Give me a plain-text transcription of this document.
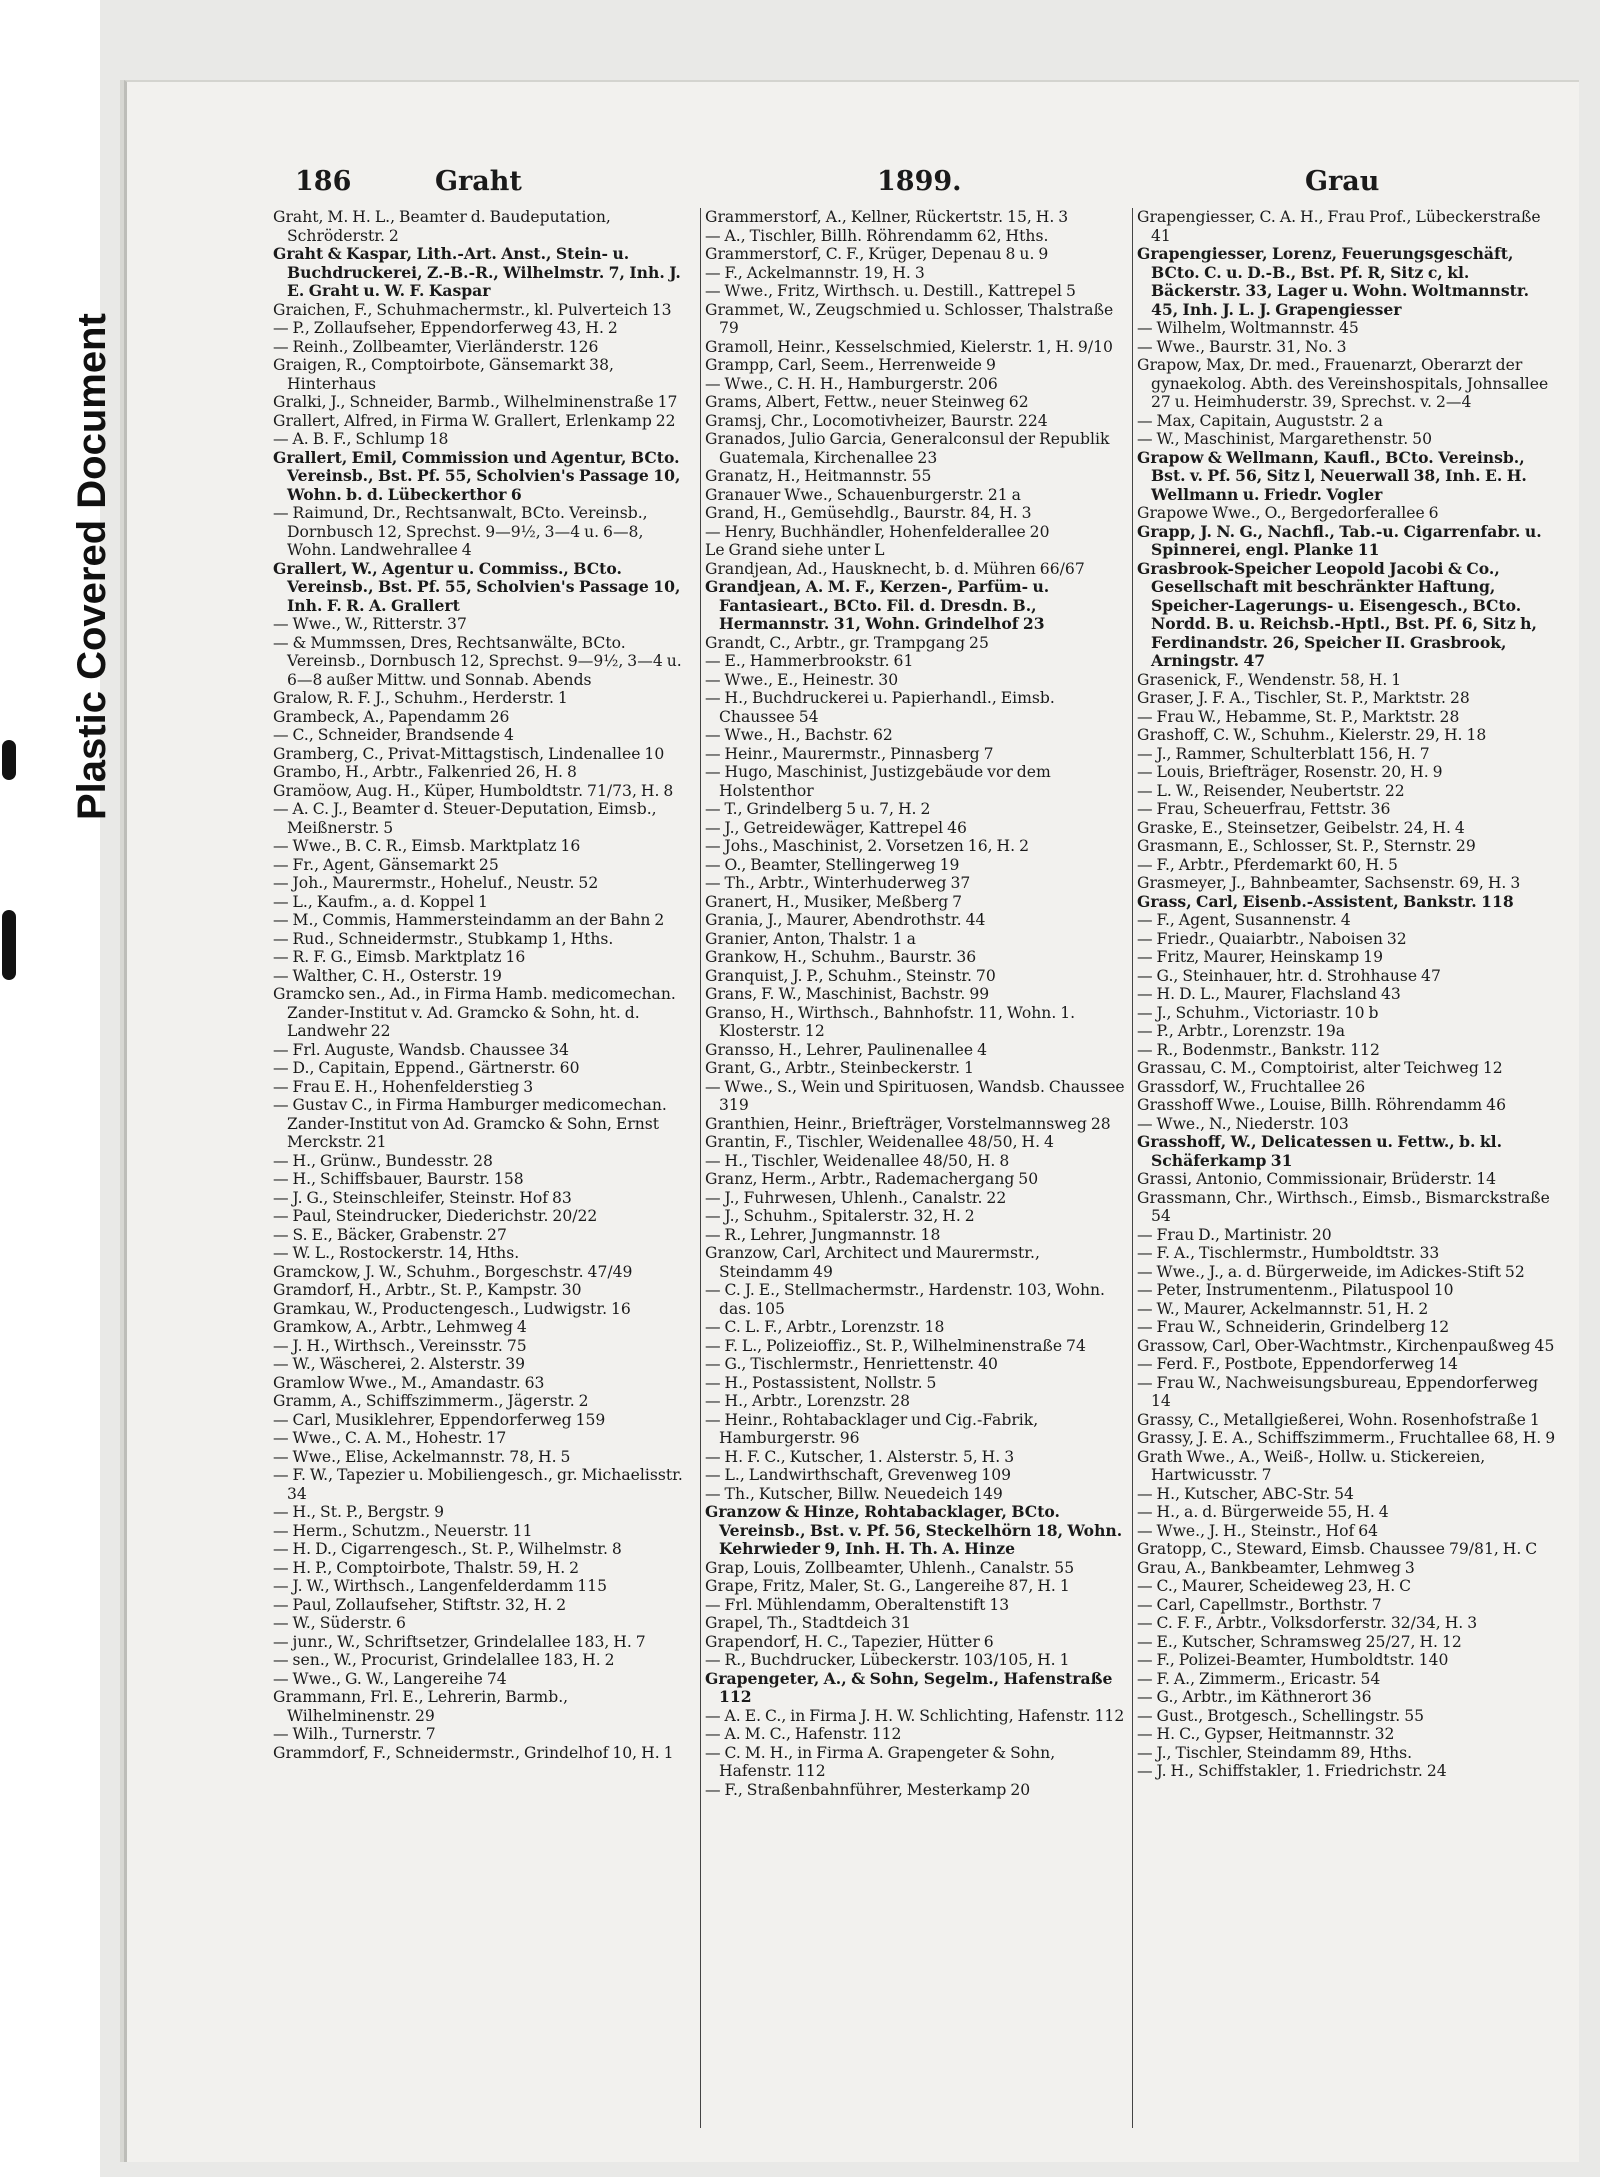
Plastic Covered Document
186	Graht	1899.	Grau

Graht, M. H. L., Beamter d. Baudeputation, Schröderstr. 2

Graht & Kaspar, Lith.-Art. Anst., Stein- u. Buchdruckerei, Z.-B.-R., Wilhelmstr. 7, Inh. J. E. Graht u. W. F. Kaspar

Graichen, F., Schuhmachermstr., kl. Pulverteich 13

— P., Zollaufseher, Eppendorferweg 43, H. 2

— Reinh., Zollbeamter, Vierländerstr. 126

Graigen, R., Comptoirbote, Gänsemarkt 38, Hinterhaus

Gralki, J., Schneider, Barmb., Wilhelminenstraße 17

Grallert, Alfred, in Firma W. Grallert, Erlenkamp 22

— A. B. F., Schlump 18

Grallert, Emil, Commission und Agentur, BCto. Vereinsb., Bst. Pf. 55, Scholvien's Passage 10, Wohn. b. d. Lübeckerthor 6

— Raimund, Dr., Rechtsanwalt, BCto. Vereinsb., Dornbusch 12, Sprechst. 9—9½, 3—4 u. 6—8, Wohn. Landwehrallee 4

Grallert, W., Agentur u. Commiss., BCto. Vereinsb., Bst. Pf. 55, Scholvien's Passage 10, Inh. F. R. A. Grallert

— Wwe., W., Ritterstr. 37

— & Mummssen, Dres, Rechtsanwälte, BCto. Vereinsb., Dornbusch 12, Sprechst. 9—9½, 3—4 u. 6—8 außer Mittw. und Sonnab. Abends

Gralow, R. F. J., Schuhm., Herderstr. 1

Grambeck, A., Papendamm 26

— C., Schneider, Brandsende 4

Gramberg, C., Privat-Mittagstisch, Lindenallee 10

Grambo, H., Arbtr., Falkenried 26, H. 8

Gramöow, Aug. H., Küper, Humboldtstr. 71/73, H. 8

— A. C. J., Beamter d. Steuer-Deputation, Eimsb., Meißnerstr. 5

— Wwe., B. C. R., Eimsb. Marktplatz 16

— Fr., Agent, Gänsemarkt 25

— Joh., Maurermstr., Hoheluf., Neustr. 52

— L., Kaufm., a. d. Koppel 1

— M., Commis, Hammersteindamm an der Bahn 2

— Rud., Schneidermstr., Stubkamp 1, Hths.

— R. F. G., Eimsb. Marktplatz 16

— Walther, C. H., Osterstr. 19

Gramcko sen., Ad., in Firma Hamb. medicomechan. Zander-Institut v. Ad. Gramcko & Sohn, ht. d. Landwehr 22

— Frl. Auguste, Wandsb. Chaussee 34

— D., Capitain, Eppend., Gärtnerstr. 60

— Frau E. H., Hohenfelderstieg 3

— Gustav C., in Firma Hamburger medicomechan. Zander-Institut von Ad. Gramcko & Sohn, Ernst Merckstr. 21

— H., Grünw., Bundesstr. 28

— H., Schiffsbauer, Baurstr. 158

— J. G., Steinschleifer, Steinstr. Hof 83

— Paul, Steindrucker, Diederichstr. 20/22

— S. E., Bäcker, Grabenstr. 27

— W. L., Rostockerstr. 14, Hths.

Gramckow, J. W., Schuhm., Borgeschstr. 47/49

Gramdorf, H., Arbtr., St. P., Kampstr. 30

Gramkau, W., Productengesch., Ludwigstr. 16

Gramkow, A., Arbtr., Lehmweg 4

— J. H., Wirthsch., Vereinsstr. 75

— W., Wäscherei, 2. Alsterstr. 39

Gramlow Wwe., M., Amandastr. 63

Gramm, A., Schiffszimmerm., Jägerstr. 2

— Carl, Musiklehrer, Eppendorferweg 159

— Wwe., C. A. M., Hohestr. 17

— Wwe., Elise, Ackelmannstr. 78, H. 5

— F. W., Tapezier u. Mobiliengesch., gr. Michaelisstr. 34

— H., St. P., Bergstr. 9

— Herm., Schutzm., Neuerstr. 11

— H. D., Cigarrengesch., St. P., Wilhelmstr. 8

— H. P., Comptoirbote, Thalstr. 59, H. 2

— J. W., Wirthsch., Langenfelderdamm 115

— Paul, Zollaufseher, Stiftstr. 32, H. 2

— W., Süderstr. 6

— junr., W., Schriftsetzer, Grindelallee 183, H. 7

— sen., W., Procurist, Grindelallee 183, H. 2

— Wwe., G. W., Langereihe 74

Grammann, Frl. E., Lehrerin, Barmb., Wilhelminenstr. 29

— Wilh., Turnerstr. 7

Grammdorf, F., Schneidermstr., Grindelhof 10, H. 1

Grammerstorf, A., Kellner, Rückertstr. 15, H. 3

— A., Tischler, Billh. Röhrendamm 62, Hths.

Grammerstorf, C. F., Krüger, Depenau 8 u. 9

— F., Ackelmannstr. 19, H. 3

— Wwe., Fritz, Wirthsch. u. Destill., Kattrepel 5

Grammet, W., Zeugschmied u. Schlosser, Thalstraße 79

Gramoll, Heinr., Kesselschmied, Kielerstr. 1, H. 9/10

Grampp, Carl, Seem., Herrenweide 9

— Wwe., C. H. H., Hamburgerstr. 206

Grams, Albert, Fettw., neuer Steinweg 62

Gramsj, Chr., Locomotivheizer, Baurstr. 224

Granados, Julio Garcia, Generalconsul der Republik Guatemala, Kirchenallee 23

Granatz, H., Heitmannstr. 55

Granauer Wwe., Schauenburgerstr. 21 a

Grand, H., Gemüsehdlg., Baurstr. 84, H. 3

— Henry, Buchhändler, Hohenfelderallee 20

Le Grand siehe unter L

Grandjean, Ad., Hausknecht, b. d. Mühren 66/67

Grandjean, A. M. F., Kerzen-, Parfüm- u. Fantasieart., BCto. Fil. d. Dresdn. B., Hermannstr. 31, Wohn. Grindelhof 23

Grandt, C., Arbtr., gr. Trampgang 25

— E., Hammerbrookstr. 61

— Wwe., E., Heinestr. 30

— H., Buchdruckerei u. Papierhandl., Eimsb. Chaussee 54

— Wwe., H., Bachstr. 62

— Heinr., Maurermstr., Pinnasberg 7

— Hugo, Maschinist, Justizgebäude vor dem Holstenthor

— T., Grindelberg 5 u. 7, H. 2

— J., Getreidewäger, Kattrepel 46

— Johs., Maschinist, 2. Vorsetzen 16, H. 2

— O., Beamter, Stellingerweg 19

— Th., Arbtr., Winterhuderweg 37

Granert, H., Musiker, Meßberg 7

Grania, J., Maurer, Abendrothstr. 44

Granier, Anton, Thalstr. 1 a

Grankow, H., Schuhm., Baurstr. 36

Granquist, J. P., Schuhm., Steinstr. 70

Grans, F. W., Maschinist, Bachstr. 99

Granso, H., Wirthsch., Bahnhofstr. 11, Wohn. 1. Klosterstr. 12

Gransso, H., Lehrer, Paulinenallee 4

Grant, G., Arbtr., Steinbeckerstr. 1

— Wwe., S., Wein und Spirituosen, Wandsb. Chaussee 319

Granthien, Heinr., Briefträger, Vorstelmannsweg 28

Grantin, F., Tischler, Weidenallee 48/50, H. 4

— H., Tischler, Weidenallee 48/50, H. 8

Granz, Herm., Arbtr., Rademachergang 50

— J., Fuhrwesen, Uhlenh., Canalstr. 22

— J., Schuhm., Spitalerstr. 32, H. 2

— R., Lehrer, Jungmannstr. 18

Granzow, Carl, Architect und Maurermstr., Steindamm 49

— C. J. E., Stellmachermstr., Hardenstr. 103, Wohn. das. 105

— C. L. F., Arbtr., Lorenzstr. 18

— F. L., Polizeioffiz., St. P., Wilhelminenstraße 74

— G., Tischlermstr., Henriettenstr. 40

— H., Postassistent, Nollstr. 5

— H., Arbtr., Lorenzstr. 28

— Heinr., Rohtabacklager und Cig.-Fabrik, Hamburgerstr. 96

— H. F. C., Kutscher, 1. Alsterstr. 5, H. 3

— L., Landwirthschaft, Grevenweg 109

— Th., Kutscher, Billw. Neuedeich 149

Granzow & Hinze, Rohtabacklager, BCto. Vereinsb., Bst. v. Pf. 56, Steckelhörn 18, Wohn. Kehrwieder 9, Inh. H. Th. A. Hinze

Grap, Louis, Zollbeamter, Uhlenh., Canalstr. 55

Grape, Fritz, Maler, St. G., Langereihe 87, H. 1

— Frl. Mühlendamm, Oberaltenstift 13

Grapel, Th., Stadtdeich 31

Grapendorf, H. C., Tapezier, Hütter 6

— R., Buchdrucker, Lübeckerstr. 103/105, H. 1

Grapengeter, A., & Sohn, Segelm., Hafenstraße 112

— A. E. C., in Firma J. H. W. Schlichting, Hafenstr. 112

— A. M. C., Hafenstr. 112

— C. M. H., in Firma A. Grapengeter & Sohn, Hafenstr. 112

— F., Straßenbahnführer, Mesterkamp 20

Grapengiesser, C. A. H., Frau Prof., Lübeckerstraße 41

Grapengiesser, Lorenz, Feuerungsgeschäft, BCto. C. u. D.-B., Bst. Pf. R, Sitz c, kl. Bäckerstr. 33, Lager u. Wohn. Woltmannstr. 45, Inh. J. L. J. Grapengiesser

— Wilhelm, Woltmannstr. 45

— Wwe., Baurstr. 31, No. 3

Grapow, Max, Dr. med., Frauenarzt, Oberarzt der gynaekolog. Abth. des Vereinshospitals, Johnsallee 27 u. Heimhuderstr. 39, Sprechst. v. 2—4

— Max, Capitain, Auguststr. 2 a

— W., Maschinist, Margarethenstr. 50

Grapow & Wellmann, Kaufl., BCto. Vereinsb., Bst. v. Pf. 56, Sitz l, Neuerwall 38, Inh. E. H. Wellmann u. Friedr. Vogler

Grapowe Wwe., O., Bergedorferallee 6

Grapp, J. N. G., Nachfl., Tab.-u. Cigarrenfabr. u. Spinnerei, engl. Planke 11

Grasbrook-Speicher Leopold Jacobi & Co., Gesellschaft mit beschränkter Haftung, Speicher-Lagerungs- u. Eisengesch., BCto. Nordd. B. u. Reichsb.-Hptl., Bst. Pf. 6, Sitz h, Ferdinandstr. 26, Speicher II. Grasbrook, Arningstr. 47

Grasenick, F., Wendenstr. 58, H. 1

Graser, J. F. A., Tischler, St. P., Marktstr. 28

— Frau W., Hebamme, St. P., Marktstr. 28

Grashoff, C. W., Schuhm., Kielerstr. 29, H. 18

— J., Rammer, Schulterblatt 156, H. 7

— Louis, Briefträger, Rosenstr. 20, H. 9

— L. W., Reisender, Neubertstr. 22

— Frau, Scheuerfrau, Fettstr. 36

Graske, E., Steinsetzer, Geibelstr. 24, H. 4

Grasmann, E., Schlosser, St. P., Sternstr. 29

— F., Arbtr., Pferdemarkt 60, H. 5

Grasmeyer, J., Bahnbeamter, Sachsenstr. 69, H. 3

Grass, Carl, Eisenb.-Assistent, Bankstr. 118

— F., Agent, Susannenstr. 4

— Friedr., Quaiarbtr., Naboisen 32

— Fritz, Maurer, Heinskamp 19

— G., Steinhauer, htr. d. Strohhause 47

— H. D. L., Maurer, Flachsland 43

— J., Schuhm., Victoriastr. 10 b

— P., Arbtr., Lorenzstr. 19a

— R., Bodenmstr., Bankstr. 112

Grassau, C. M., Comptoirist, alter Teichweg 12

Grassdorf, W., Fruchtallee 26

Grasshoff Wwe., Louise, Billh. Röhrendamm 46

— Wwe., N., Niederstr. 103

Grasshoff, W., Delicatessen u. Fettw., b. kl. Schäferkamp 31

Grassi, Antonio, Commissionair, Brüderstr. 14

Grassmann, Chr., Wirthsch., Eimsb., Bismarckstraße 54

— Frau D., Martinistr. 20

— F. A., Tischlermstr., Humboldtstr. 33

— Wwe., J., a. d. Bürgerweide, im Adickes-Stift 52

— Peter, Instrumentenm., Pilatuspool 10

— W., Maurer, Ackelmannstr. 51, H. 2

— Frau W., Schneiderin, Grindelberg 12

Grassow, Carl, Ober-Wachtmstr., Kirchenpaußweg 45

— Ferd. F., Postbote, Eppendorferweg 14

— Frau W., Nachweisungsbureau, Eppendorferweg 14

Grassy, C., Metallgießerei, Wohn. Rosenhofstraße 1

Grassy, J. E. A., Schiffszimmerm., Fruchtallee 68, H. 9

Grath Wwe., A., Weiß-, Hollw. u. Stickereien, Hartwicusstr. 7

— H., Kutscher, ABC-Str. 54

— H., a. d. Bürgerweide 55, H. 4

— Wwe., J. H., Steinstr., Hof 64

Gratopp, C., Steward, Eimsb. Chaussee 79/81, H. C

Grau, A., Bankbeamter, Lehmweg 3

— C., Maurer, Scheideweg 23, H. C

— Carl, Capellmstr., Borthstr. 7

— C. F. F., Arbtr., Volksdorferstr. 32/34, H. 3

— E., Kutscher, Schramsweg 25/27, H. 12

— F., Polizei-Beamter, Humboldtstr. 140

— F. A., Zimmerm., Ericastr. 54

— G., Arbtr., im Käthnerort 36

— Gust., Brotgesch., Schellingstr. 55

— H. C., Gypser, Heitmannstr. 32

— J., Tischler, Steindamm 89, Hths.

— J. H., Schiffstakler, 1. Friedrichstr. 24
